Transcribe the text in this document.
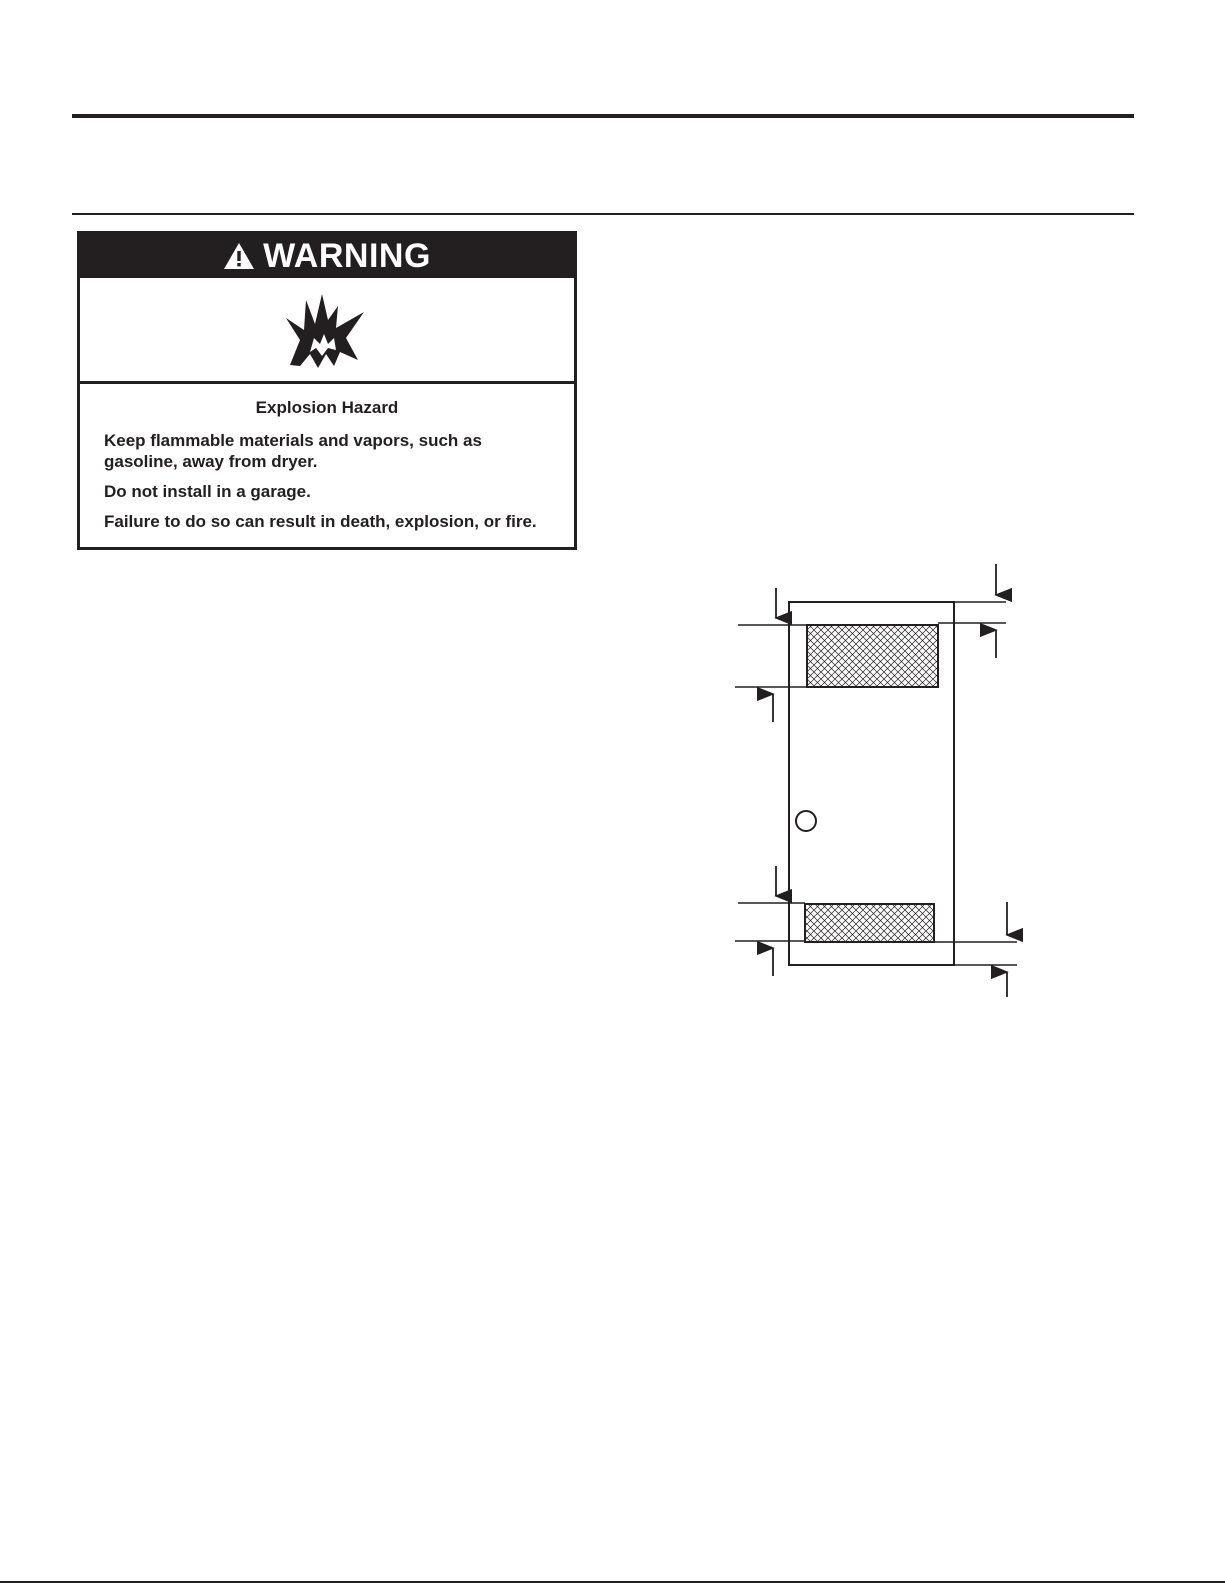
WARNING

Explosion Hazard

Keep flammable materials and vapors, such as gasoline, away from dryer.

Do not install in a garage.

Failure to do so can result in death, explosion, or fire.
